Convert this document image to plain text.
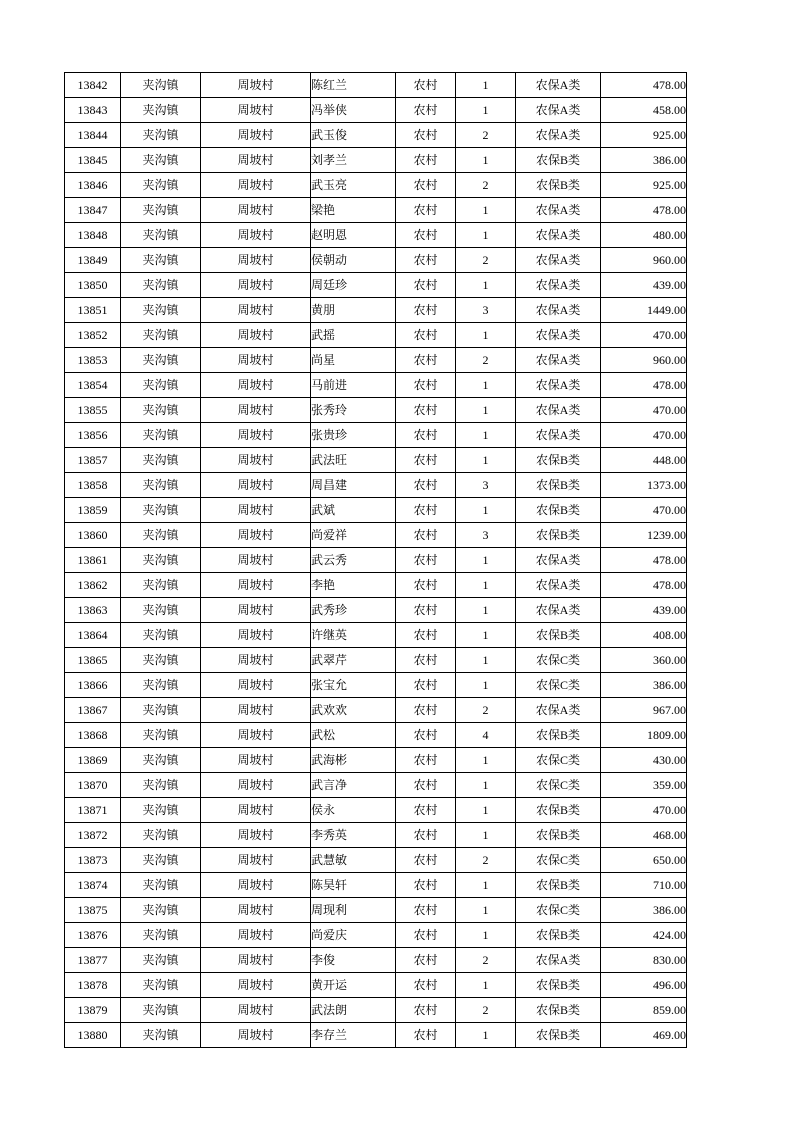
13842	夹沟镇	周坡村	陈红兰	农村	1	农保A类	478.00
13843	夹沟镇	周坡村	冯举侠	农村	1	农保A类	458.00
13844	夹沟镇	周坡村	武玉俊	农村	2	农保A类	925.00
13845	夹沟镇	周坡村	刘孝兰	农村	1	农保B类	386.00
13846	夹沟镇	周坡村	武玉亮	农村	2	农保B类	925.00
13847	夹沟镇	周坡村	梁艳	农村	1	农保A类	478.00
13848	夹沟镇	周坡村	赵明恩	农村	1	农保A类	480.00
13849	夹沟镇	周坡村	侯朝动	农村	2	农保A类	960.00
13850	夹沟镇	周坡村	周廷珍	农村	1	农保A类	439.00
13851	夹沟镇	周坡村	黄朋	农村	3	农保A类	1449.00
13852	夹沟镇	周坡村	武摇	农村	1	农保A类	470.00
13853	夹沟镇	周坡村	尚星	农村	2	农保A类	960.00
13854	夹沟镇	周坡村	马前进	农村	1	农保A类	478.00
13855	夹沟镇	周坡村	张秀玲	农村	1	农保A类	470.00
13856	夹沟镇	周坡村	张贵珍	农村	1	农保A类	470.00
13857	夹沟镇	周坡村	武法旺	农村	1	农保B类	448.00
13858	夹沟镇	周坡村	周昌建	农村	3	农保B类	1373.00
13859	夹沟镇	周坡村	武斌	农村	1	农保B类	470.00
13860	夹沟镇	周坡村	尚爱祥	农村	3	农保B类	1239.00
13861	夹沟镇	周坡村	武云秀	农村	1	农保A类	478.00
13862	夹沟镇	周坡村	李艳	农村	1	农保A类	478.00
13863	夹沟镇	周坡村	武秀珍	农村	1	农保A类	439.00
13864	夹沟镇	周坡村	许继英	农村	1	农保B类	408.00
13865	夹沟镇	周坡村	武翠芹	农村	1	农保C类	360.00
13866	夹沟镇	周坡村	张宝允	农村	1	农保C类	386.00
13867	夹沟镇	周坡村	武欢欢	农村	2	农保A类	967.00
13868	夹沟镇	周坡村	武松	农村	4	农保B类	1809.00
13869	夹沟镇	周坡村	武海彬	农村	1	农保C类	430.00
13870	夹沟镇	周坡村	武言净	农村	1	农保C类	359.00
13871	夹沟镇	周坡村	侯永	农村	1	农保B类	470.00
13872	夹沟镇	周坡村	李秀英	农村	1	农保B类	468.00
13873	夹沟镇	周坡村	武慧敏	农村	2	农保C类	650.00
13874	夹沟镇	周坡村	陈昊轩	农村	1	农保B类	710.00
13875	夹沟镇	周坡村	周现利	农村	1	农保C类	386.00
13876	夹沟镇	周坡村	尚爱庆	农村	1	农保B类	424.00
13877	夹沟镇	周坡村	李俊	农村	2	农保A类	830.00
13878	夹沟镇	周坡村	黄开运	农村	1	农保B类	496.00
13879	夹沟镇	周坡村	武法朗	农村	2	农保B类	859.00
13880	夹沟镇	周坡村	李存兰	农村	1	农保B类	469.00
